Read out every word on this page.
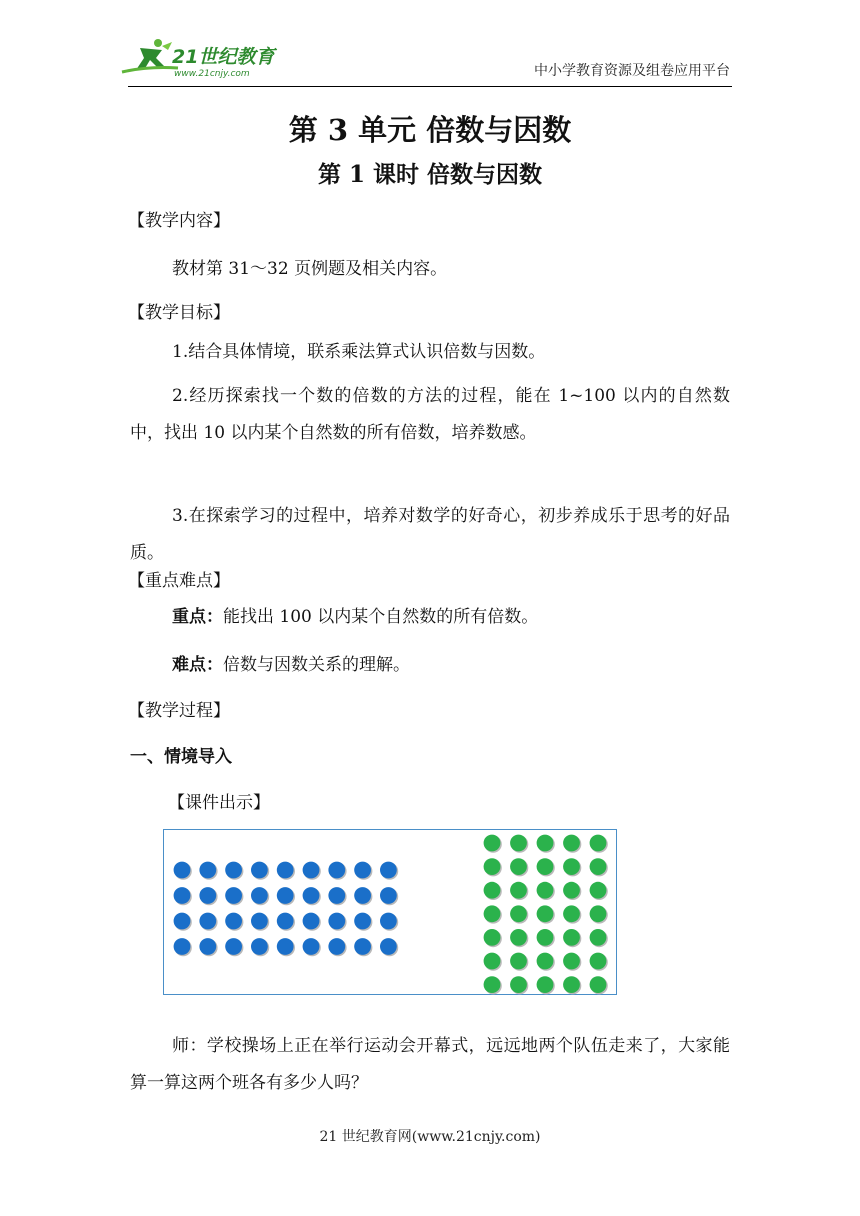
21世纪教育
www.21cnjy.com	中小学教育资源及组卷应用平台
第 3 单元 倍数与因数
第 1 课时 倍数与因数
【教学内容】
教材第 31～32 页例题及相关内容。
【教学目标】
1.结合具体情境，联系乘法算式认识倍数与因数。
2.经历探索找一个数的倍数的方法的过程，能在 1~100 以内的自然数中，找出 10 以内某个自然数的所有倍数，培养数感。
3.在探索学习的过程中，培养对数学的好奇心，初步养成乐于思考的好品质。
【重点难点】
重点：能找出 100 以内某个自然数的所有倍数。
难点：倍数与因数关系的理解。
【教学过程】
一、情境导入
【课件出示】
师：学校操场上正在举行运动会开幕式，远远地两个队伍走来了，大家能算一算这两个班各有多少人吗？
21 世纪教育网(www.21cnjy.com)
